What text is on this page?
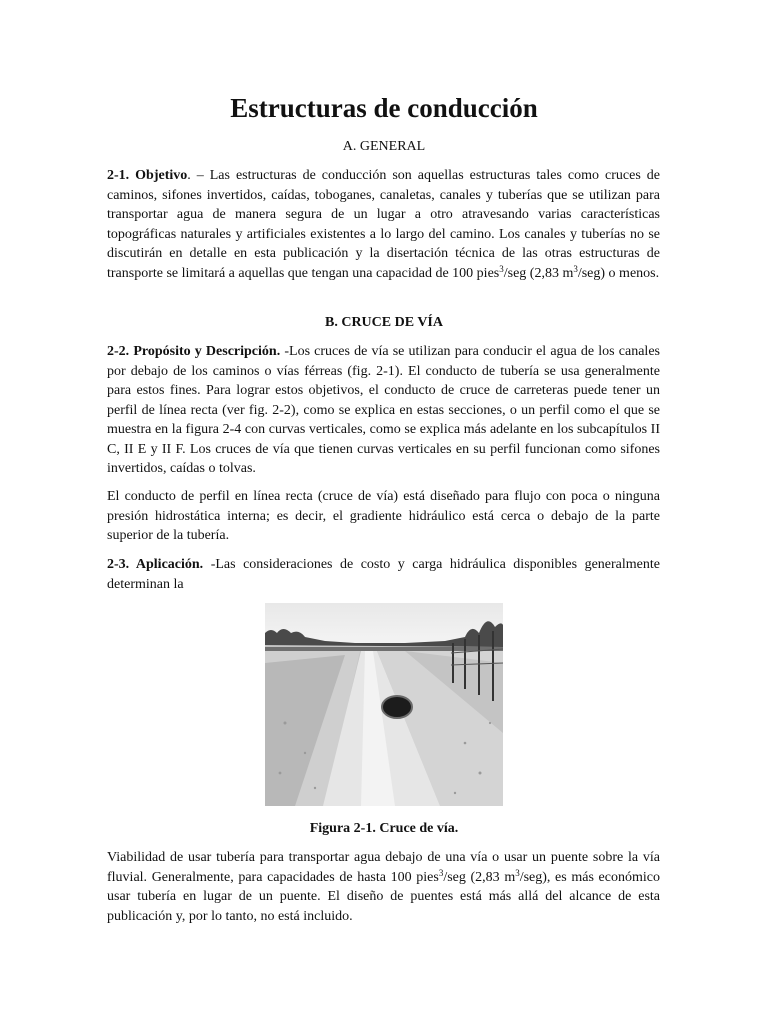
Estructuras de conducción

A. GENERAL

2-1. Objetivo. – Las estructuras de conducción son aquellas estructuras tales como cruces de caminos, sifones invertidos, caídas, toboganes, canaletas, canales y tuberías que se utilizan para transportar agua de manera segura de un lugar a otro atravesando varias características topográficas naturales y artificiales existentes a lo largo del camino. Los canales y tuberías no se discutirán en detalle en esta publicación y la disertación técnica de las otras estructuras de transporte se limitará a aquellas que tengan una capacidad de 100 pies$^3$/seg (2,83 $m^3/seg$) o menos.

B. CRUCE DE VÍA

2-2. Propósito y Descripción. -Los cruces de vía se utilizan para conducir el agua de los canales por debajo de los caminos o vías férreas (fig. 2-1). El conducto de tubería se usa generalmente para estos fines. Para lograr estos objetivos, el conducto de cruce de carreteras puede tener un perfil de línea recta (ver fig. 2-2), como se explica en estas secciones, o un perfil como el que se muestra en la figura 2-4 con curvas verticales, como se explica más adelante en los subcapítulos II C, II E y II F. Los cruces de vía que tienen curvas verticales en su perfil funcionan como sifones invertidos, caídas o tolvas.

El conducto de perfil en línea recta (cruce de vía) está diseñado para flujo con poca o ninguna presión hidrostática interna; es decir, el gradiente hidráulico está cerca o debajo de la parte superior de la tubería.

2-3. Aplicación. -Las consideraciones de costo y carga hidráulica disponibles generalmente determinan la

Figura 2-1. Cruce de vía.

Viabilidad de usar tubería para transportar agua debajo de una vía o usar un puente sobre la vía fluvial. Generalmente, para capacidades de hasta 100 pies$^3$/seg (2,83 $m^3/seg$), es más económico usar tubería en lugar de un puente. El diseño de puentes está más allá del alcance de esta publicación y, por lo tanto, no está incluido.
